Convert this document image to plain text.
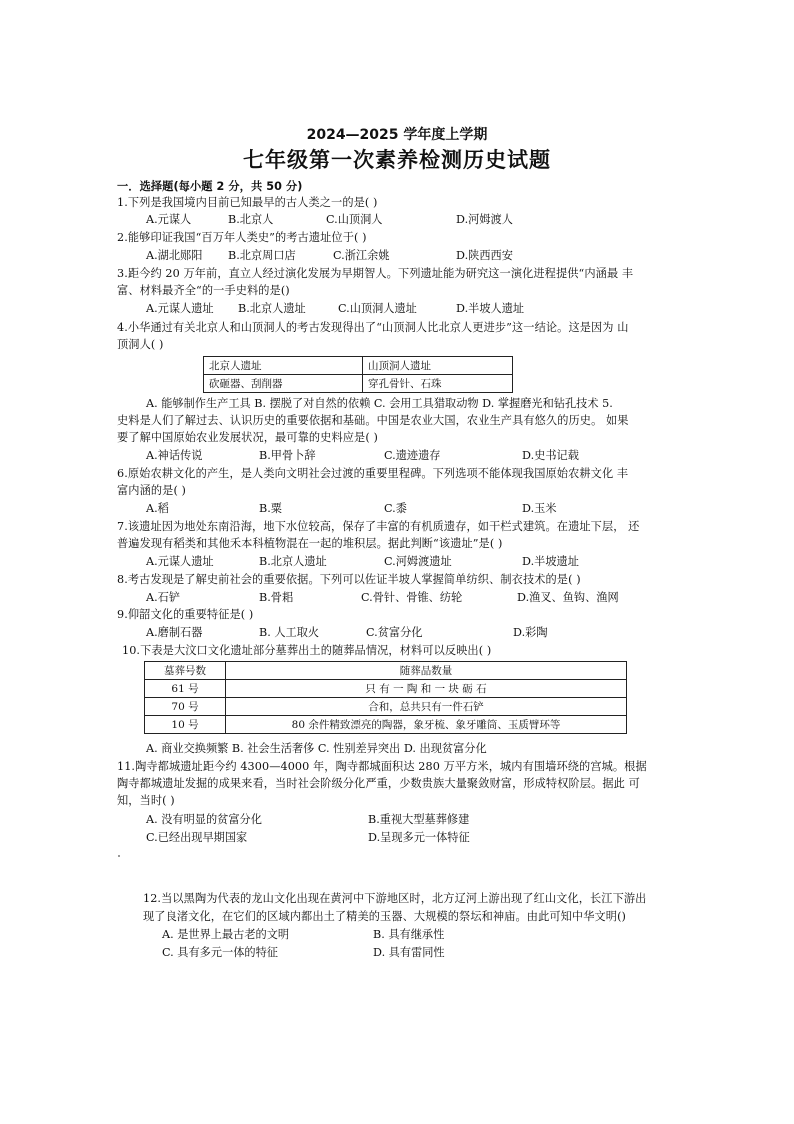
2024—2025 学年度上学期
七年级第一次素养检测历史试题
一．选择题(每小题 2 分，共 50 分)
1.下列是我国境内目前已知最早的古人类之一的是( )
A.元谋人	B.北京人	C.山顶洞人	D.河姆渡人
2.能够印证我国“百万年人类史”的考古遗址位于( )
A.湖北郧阳 B.北京周口店	C.浙江余姚	D.陕西西安
3.距今约 20 万年前，直立人经过演化发展为早期智人。下列遗址能为研究这一演化进程提供“内涵最 丰
富、材料最齐全“的一手史料的是()
A.元谋人遗址 B.北京人遗址	C.山顶洞人遗址	D.半坡人遗址
4.小华通过有关北京人和山顶洞人的考古发现得出了“山顶洞人比北京人更进步”这一结论。这是因为 山
顶洞人( )
北京人遗址	山顶洞人遗址
砍砸器、刮削器	穿孔骨针、石珠
A. 能够制作生产工具 B. 摆脱了对自然的依赖 C. 会用工具猎取动物 D. 掌握磨光和钻孔技术 5.
史料是人们了解过去、认识历史的重要依据和基础。中国是农业大国，农业生产具有悠久的历史。 如果
要了解中国原始农业发展状况，最可靠的史料应是( )
A.神话传说	B.甲骨卜辞	C.遗迹遗存	D.史书记载
6.原始农耕文化的产生，是人类向文明社会过渡的重要里程碑。下列选项不能体现我国原始农耕文化 丰
富内涵的是( )
A.稻	B.粟	C.黍	D.玉米
7.该遗址因为地处东南沿海，地下水位较高，保存了丰富的有机质遗存，如干栏式建筑。在遗址下层， 还
普遍发现有稻类和其他禾本科植物混在一起的堆积层。据此判断“该遗址”是( )
A.元谋人遗址	B.北京人遗址	C.河姆渡遗址	D.半坡遗址
8.考古发现是了解史前社会的重要依据。下列可以佐证半坡人掌握简单纺织、制衣技术的是( )
A.石铲	B.骨耜	C.骨针、骨锥、纺轮	D.渔叉、鱼钩、渔网
9.仰韶文化的重要特征是( )
A.磨制石器	B. 人工取火	C.贫富分化	D.彩陶
10.下表是大汶口文化遗址部分墓葬出土的随葬品情况，材料可以反映出( )
墓葬号数	随葬品数量
61 号	只 有 一 陶 和 一 块 砺 石
70 号	合和，总共只有一件石铲
10 号	80 余件精致漂亮的陶器，象牙梳、象牙雕筒、玉质臂环等
A. 商业交换频繁 B. 社会生活奢侈 C. 性别差异突出 D. 出现贫富分化
11.陶寺都城遗址距今约 4300—4000 年，陶寺都城面积达 280 万平方米，城内有围墙环绕的宫城。根据
陶寺都城遗址发掘的成果来看，当时社会阶级分化严重，少数贵族大量聚敛财富，形成特权阶层。据此 可
知，当时( )
A. 没有明显的贫富分化	B.重视大型墓葬修建
C.已经出现早期国家	D.呈现多元一体特征
12.当以黑陶为代表的龙山文化出现在黄河中下游地区时，北方辽河上游出现了红山文化，长江下游出
现了良渚文化，在它们的区域内都出土了精美的玉器、大规模的祭坛和神庙。由此可知中华文明()
A. 是世界上最古老的文明	B. 具有继承性
C. 具有多元一体的特征	D. 具有雷同性
